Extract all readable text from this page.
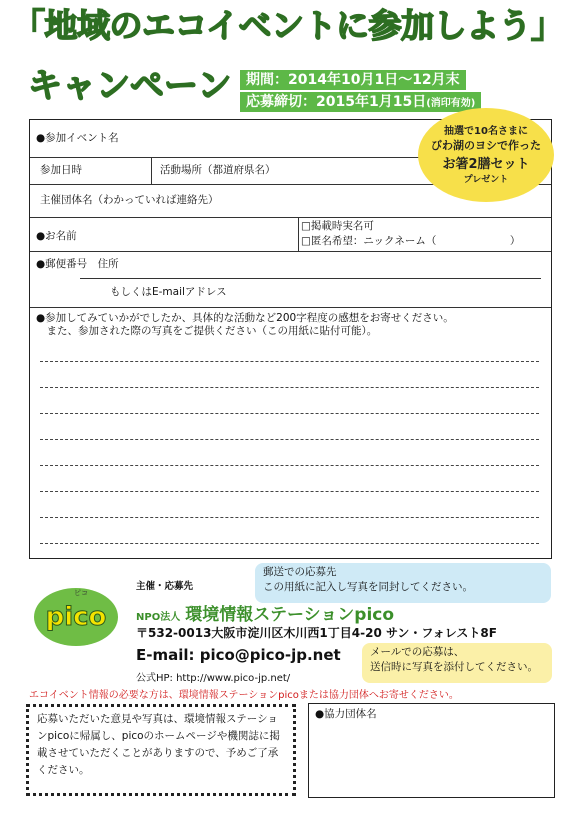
「地域のエコイベントに参加しよう」
キャンペーン	期間：2014年10月1日～12月末
応募締切：2015年1月15日(消印有効)
●参加イベント名
参加日時	活動場所（都道府県名）
主催団体名（わかっていれば連絡先）
●お名前
□掲載時実名可
□匿名希望：ニックネーム（　　　　　　　）
●郵便番号　住所
もしくはE-mailアドレス
●参加してみていかがでしたか、具体的な活動など200字程度の感想をお寄せください。
　また、参加された際の写真をご提供ください（この用紙に貼付可能）。
抽選で10名さまに
びわ湖のヨシで作った
お箸2膳セット
プレゼント
pico
ピコ
主催・応募先
郵送での応募先
この用紙に記入し写真を同封してください。
NPO法人 環境情報ステーションpico
〒532-0013大阪市淀川区木川西1丁目4-20 サン・フォレスト8F
E-mail: pico@pico-jp.net
公式HP: http://www.pico-jp.net/
メールでの応募は、
送信時に写真を添付してください。
エコイベント情報の必要な方は、環境情報ステーションpicoまたは協力団体へお寄せください。
応募いただいた意見や写真は、環境情報ステーションpicoに帰属し、picoのホームページや機関誌に掲載させていただくことがありますので、予めご了承ください。
●協力団体名
